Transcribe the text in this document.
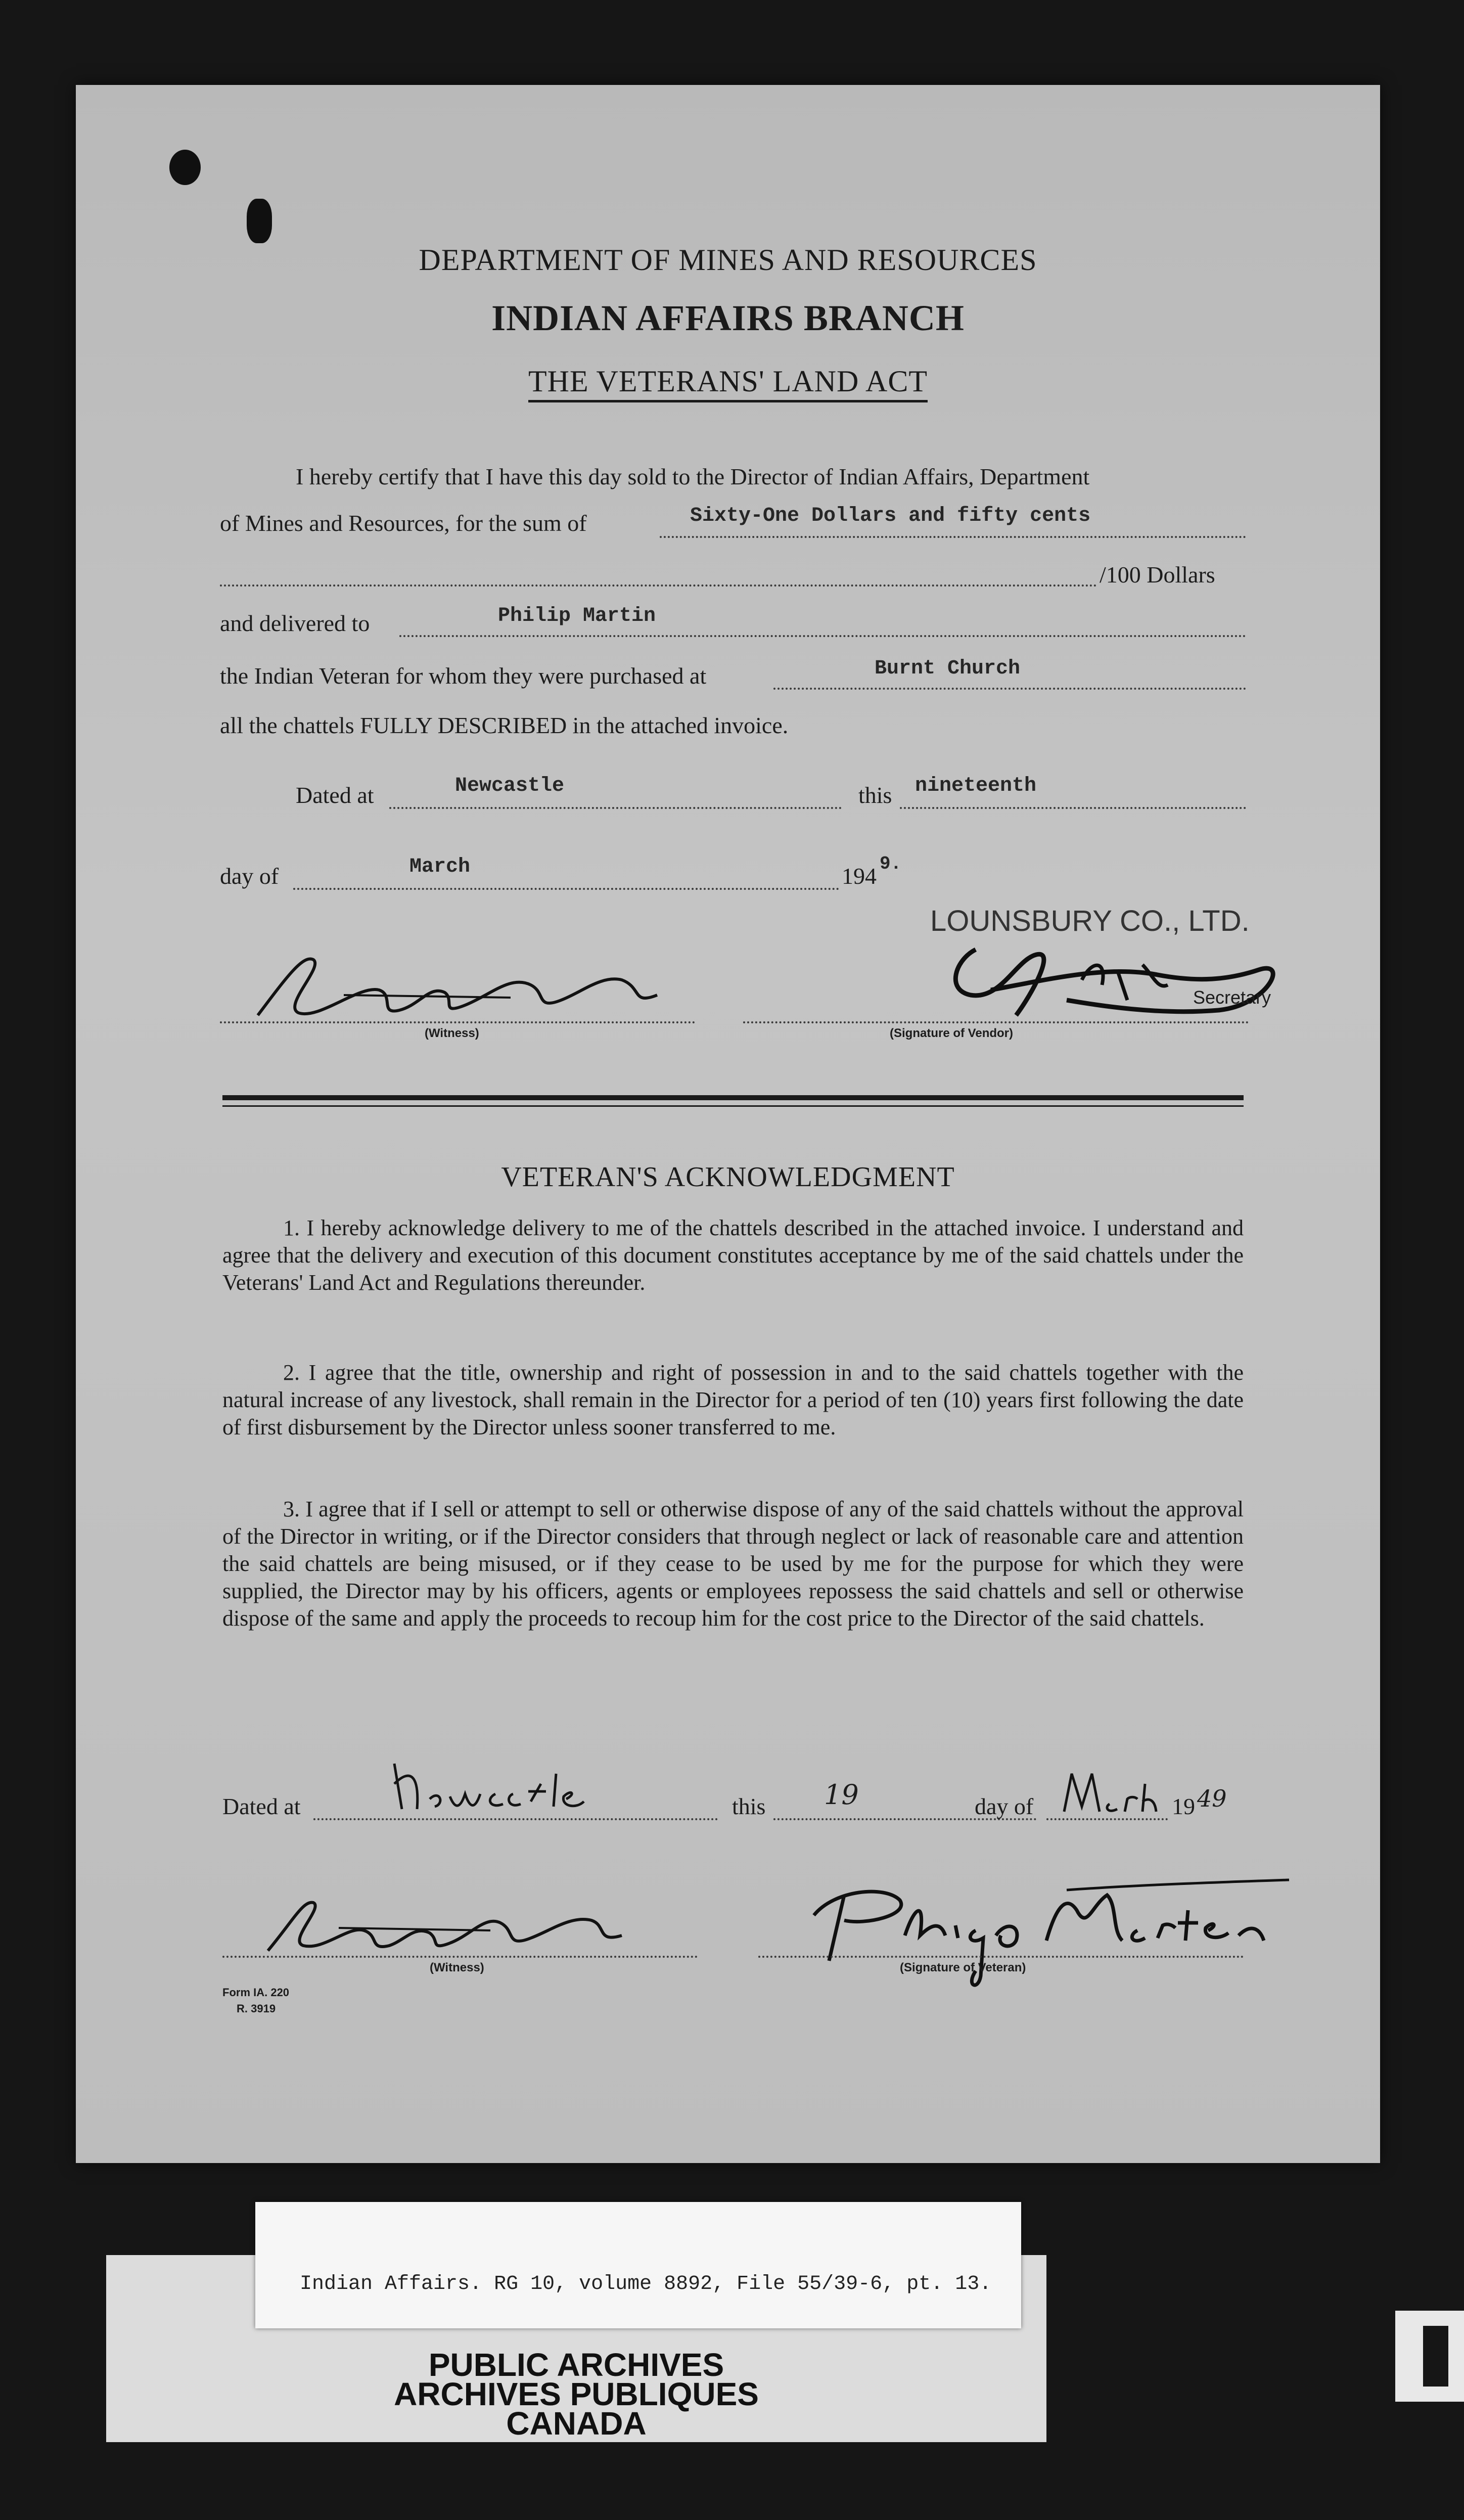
DEPARTMENT OF MINES AND RESOURCES
INDIAN AFFAIRS BRANCH
THE VETERANS' LAND ACT
I hereby certify that I have this day sold to the Director of Indian Affairs, Department
of Mines and Resources, for the sum of	Sixty-One Dollars and fifty cents
/100 Dollars
and delivered to	Philip Martin
the Indian Veteran for whom they were purchased at	Burnt Church
all the chattels FULLY DESCRIBED in the attached invoice.
Dated at	Newcastle	this nineteenth
day of	March	194 9.
LOUNSBURY CO., LTD.
(Witness)
Secretary
(Signature of Vendor)
VETERAN'S ACKNOWLEDGMENT
1. I hereby acknowledge delivery to me of the chattels described in the attached invoice. I understand and agree that the delivery and execution of this document constitutes acceptance by me of the said chattels under the Veterans' Land Act and Regulations thereunder.
2. I agree that the title, ownership and right of possession in and to the said chattels together with the natural increase of any livestock, shall remain in the Director for a period of ten (10) years first following the date of first disbursement by the Director unless sooner transferred to me.
3. I agree that if I sell or attempt to sell or otherwise dispose of any of the said chattels without the approval of the Director in writing, or if the Director considers that through neglect or lack of reasonable care and attention the said chattels are being misused, or if they cease to be used by me for the purpose for which they were supplied, the Director may by his officers, agents or employees repossess the said chattels and sell or otherwise dispose of the same and apply the proceeds to recoup him for the cost price to the Director of the said chattels.
Dated at	this 19	day of	19 49
(Witness)	(Signature of Veteran)
Form IA. 220
R. 3919
PUBLIC ARCHIVES
ARCHIVES PUBLIQUES
CANADA
Indian Affairs. RG 10, volume 8892, File 55/39-6, pt. 13.
